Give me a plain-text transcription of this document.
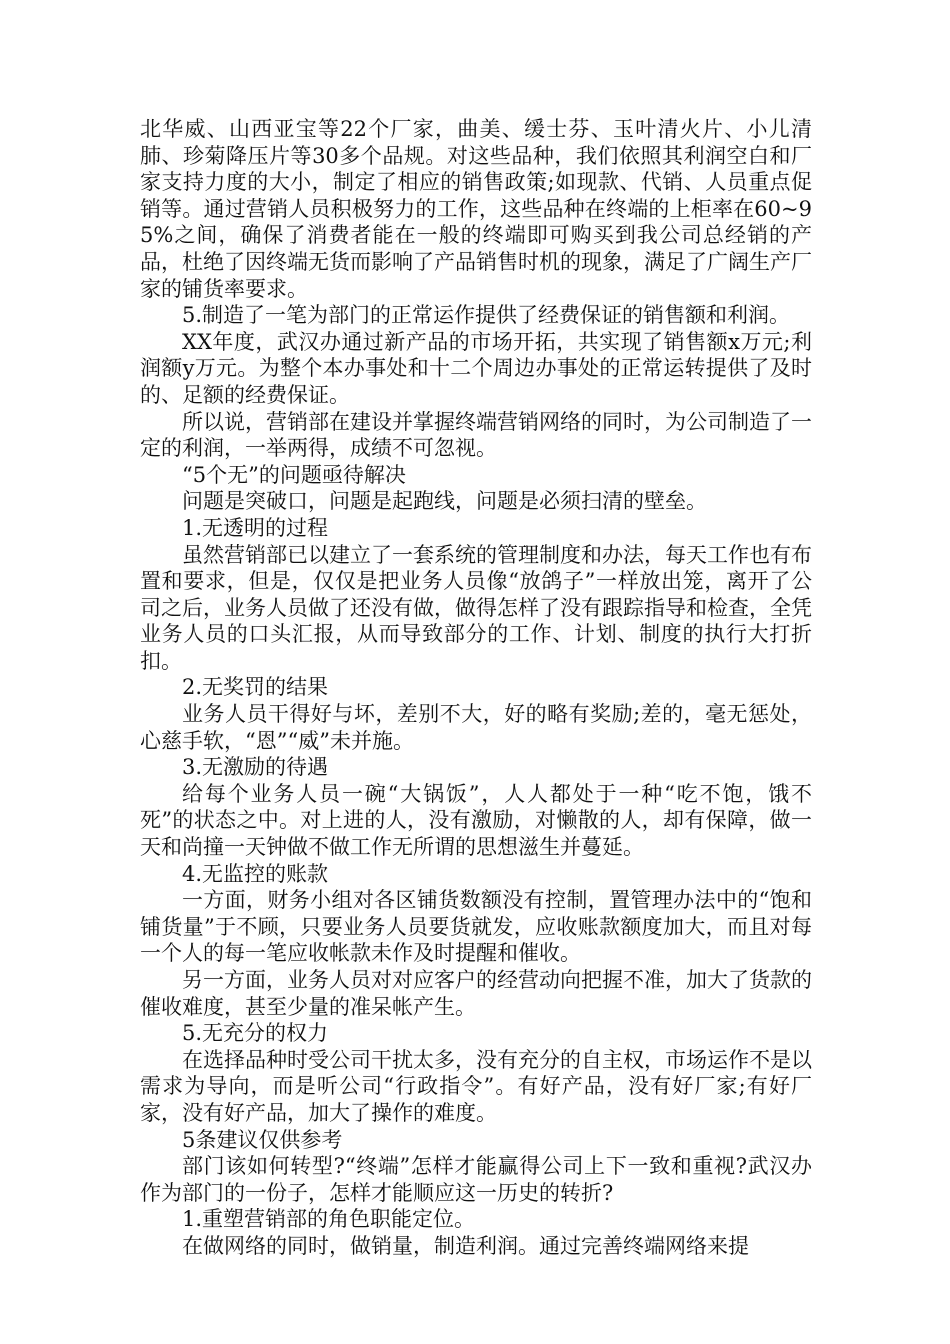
北华威、山西亚宝等22个厂家，曲美、缓士芬、玉叶清火片、小儿清肺、珍菊降压片等30多个品规。对这些品种，我们依照其利润空白和厂家支持力度的大小，制定了相应的销售政策;如现款、代销、人员重点促销等。通过营销人员积极努力的工作，这些品种在终端的上柜率在60~95%之间，确保了消费者能在一般的终端即可购买到我公司总经销的产品，杜绝了因终端无货而影响了产品销售时机的现象，满足了广阔生产厂家的铺货率要求。

5.制造了一笔为部门的正常运作提供了经费保证的销售额和利润。

XX年度，武汉办通过新产品的市场开拓，共实现了销售额x万元;利润额y万元。为整个本办事处和十二个周边办事处的正常运转提供了及时的、足额的经费保证。

所以说，营销部在建设并掌握终端营销网络的同时，为公司制造了一定的利润，一举两得，成绩不可忽视。

“5个无”的问题亟待解决

问题是突破口，问题是起跑线，问题是必须扫清的壁垒。

1.无透明的过程

虽然营销部已以建立了一套系统的管理制度和办法，每天工作也有布置和要求，但是，仅仅是把业务人员像“放鸽子”一样放出笼，离开了公司之后，业务人员做了还没有做，做得怎样了没有跟踪指导和检查，全凭业务人员的口头汇报，从而导致部分的工作、计划、制度的执行大打折扣。

2.无奖罚的结果

业务人员干得好与坏，差别不大，好的略有奖励;差的，毫无惩处，心慈手软，“恩”“威”未并施。

3.无激励的待遇

给每个业务人员一碗“大锅饭”，人人都处于一种“吃不饱，饿不死”的状态之中。对上进的人，没有激励，对懒散的人，却有保障，做一天和尚撞一天钟做不做工作无所谓的思想滋生并蔓延。

4.无监控的账款

一方面，财务小组对各区铺货数额没有控制，置管理办法中的“饱和铺货量”于不顾，只要业务人员要货就发，应收账款额度加大，而且对每一个人的每一笔应收帐款未作及时提醒和催收。

另一方面，业务人员对对应客户的经营动向把握不准，加大了货款的催收难度，甚至少量的准呆帐产生。

5.无充分的权力

在选择品种时受公司干扰太多，没有充分的自主权，市场运作不是以需求为导向，而是听公司“行政指令”。有好产品，没有好厂家;有好厂家，没有好产品，加大了操作的难度。

5条建议仅供参考

部门该如何转型?“终端”怎样才能赢得公司上下一致和重视?武汉办作为部门的一份子，怎样才能顺应这一历史的转折?

1.重塑营销部的角色职能定位。

在做网络的同时，做销量，制造利润。通过完善终端网络来提
